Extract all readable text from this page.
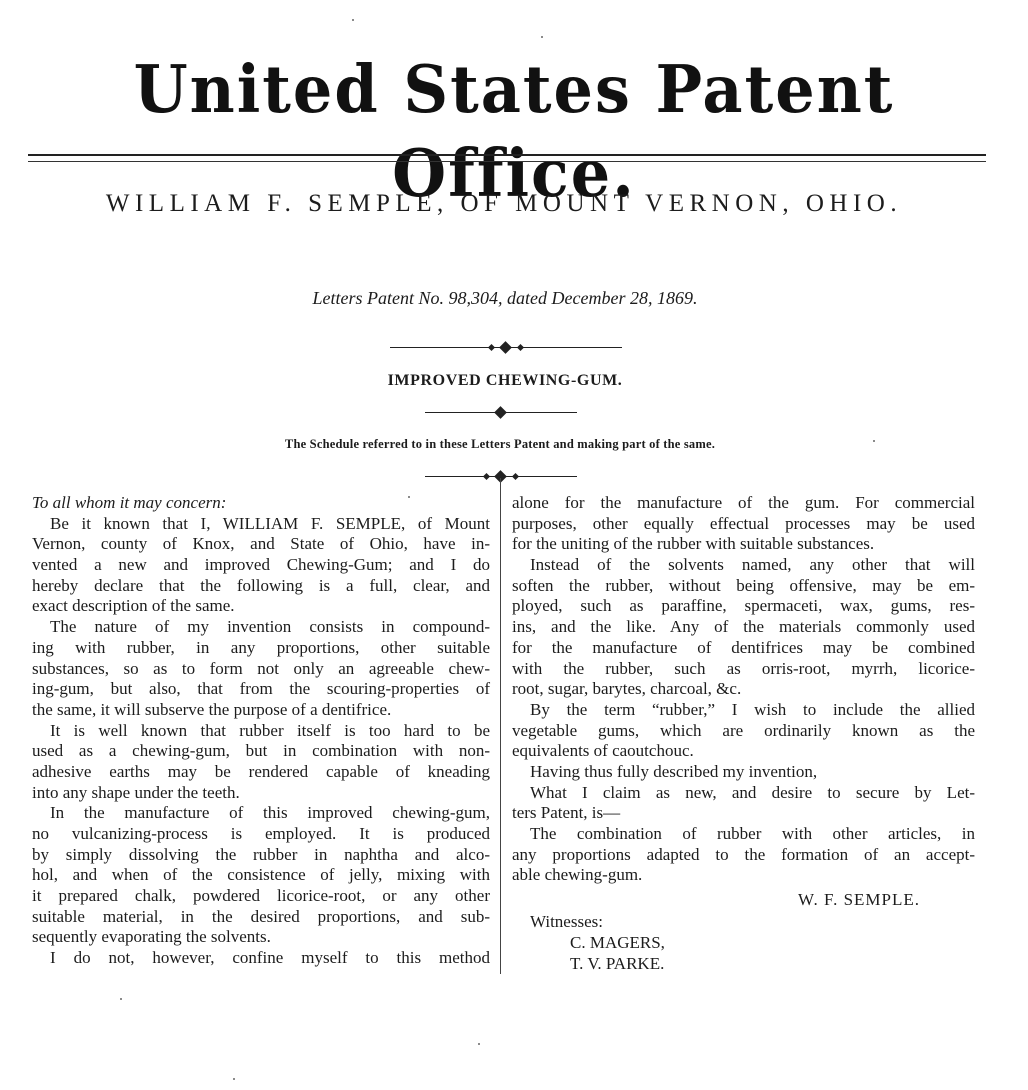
United States Patent Office.
WILLIAM F. SEMPLE, OF MOUNT VERNON, OHIO.
Letters Patent No. 98,304, dated December 28, 1869.
IMPROVED CHEWING-GUM.
The Schedule referred to in these Letters Patent and making part of the same.
To all whom it may concern:
Be it known that I, WILLIAM F. SEMPLE, of Mount
Vernon, county of Knox, and State of Ohio, have in-
vented a new and improved Chewing-Gum; and I do
hereby declare that the following is a full, clear, and
exact description of the same.
The nature of my invention consists in compound-
ing with rubber, in any proportions, other suitable
substances, so as to form not only an agreeable chew-
ing-gum, but also, that from the scouring-properties of
the same, it will subserve the purpose of a dentifrice.
It is well known that rubber itself is too hard to be
used as a chewing-gum, but in combination with non-
adhesive earths may be rendered capable of kneading
into any shape under the teeth.
In the manufacture of this improved chewing-gum,
no vulcanizing-process is employed. It is produced
by simply dissolving the rubber in naphtha and alco-
hol, and when of the consistence of jelly, mixing with
it prepared chalk, powdered licorice-root, or any other
suitable material, in the desired proportions, and sub-
sequently evaporating the solvents.
I do not, however, confine myself to this method
alone for the manufacture of the gum. For commercial
purposes, other equally effectual processes may be used
for the uniting of the rubber with suitable substances.
Instead of the solvents named, any other that will
soften the rubber, without being offensive, may be em-
ployed, such as paraffine, spermaceti, wax, gums, res-
ins, and the like. Any of the materials commonly used
for the manufacture of dentifrices may be combined
with the rubber, such as orris-root, myrrh, licorice-
root, sugar, barytes, charcoal, &c.
By the term “rubber,” I wish to include the allied
vegetable gums, which are ordinarily known as the
equivalents of caoutchouc.
Having thus fully described my invention,
What I claim as new, and desire to secure by Let-
ters Patent, is—
The combination of rubber with other articles, in
any proportions adapted to the formation of an accept-
able chewing-gum.
W. F. SEMPLE.
Witnesses:
C. MAGERS,
T. V. PARKE.
